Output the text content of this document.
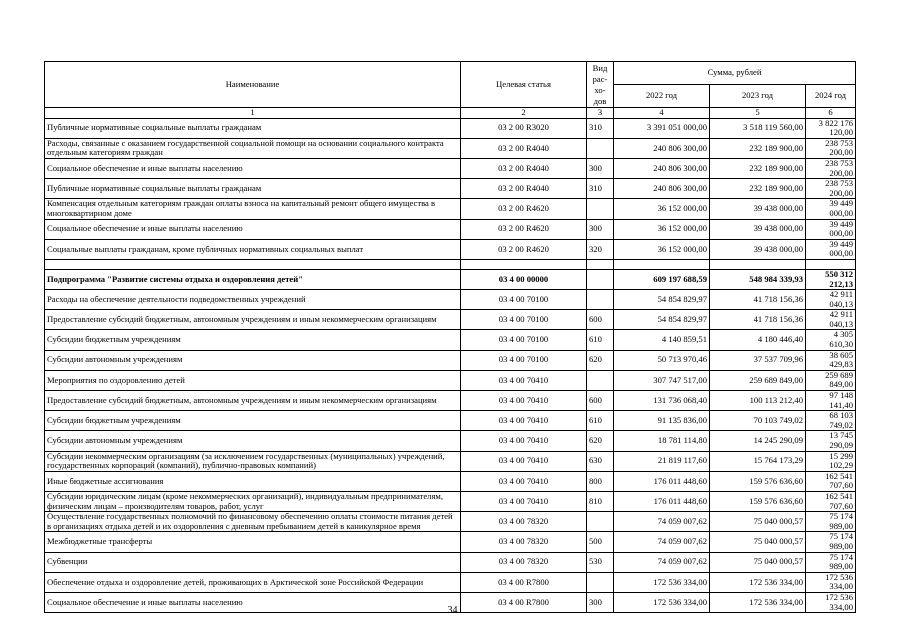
Наименование	Целевая статья	Вид
рас-
хо-
дов	Сумма, рублей		
			2022 год	2023 год	2024 год
1	2	3	4	5	6
Публичные нормативные социальные выплаты гражданам	03 2 00 R3020	310	3 391 051 000,00	3 518 119 560,00	3 822 176 120,00
Расходы, связанные с оказанием государственной социальной помощи на основании социального контракта отдельным категориям граждан	03 2 00 R4040		240 806 300,00	232 189 900,00	238 753 200,00
Социальное обеспечение и иные выплаты населению	03 2 00 R4040	300	240 806 300,00	232 189 900,00	238 753 200,00
Публичные нормативные социальные выплаты гражданам	03 2 00 R4040	310	240 806 300,00	232 189 900,00	238 753 200,00
Компенсация отдельным категориям граждан оплаты взноса на капитальный ремонт общего имущества в многоквартирном доме	03 2 00 R4620		36 152 000,00	39 438 000,00	39 449 000,00
Социальное обеспечение и иные выплаты населению	03 2 00 R4620	300	36 152 000,00	39 438 000,00	39 449 000,00
Социальные выплаты гражданам, кроме публичных нормативных социальных выплат	03 2 00 R4620	320	36 152 000,00	39 438 000,00	39 449 000,00

Подпрограмма "Развитие системы отдыха и оздоровления детей"	03 4 00 00000		609 197 688,59	548 984 339,93	550 312 212,13
Расходы на обеспечение деятельности подведомственных учреждений	03 4 00 70100		54 854 829,97	41 718 156,36	42 911 040,13
Предоставление субсидий бюджетным, автономным учреждениям и иным некоммерческим организациям	03 4 00 70100	600	54 854 829,97	41 718 156,36	42 911 040,13
Субсидии бюджетным учреждениям	03 4 00 70100	610	4 140 859,51	4 180 446,40	4 305 610,30
Субсидии автономным учреждениям	03 4 00 70100	620	50 713 970,46	37 537 709,96	38 605 429,83
Мероприятия по оздоровлению детей	03 4 00 70410		307 747 517,00	259 689 849,00	259 689 849,00
Предоставление субсидий бюджетным, автономным учреждениям и иным некоммерческим организациям	03 4 00 70410	600	131 736 068,40	100 113 212,40	97 148 141,40
Субсидии бюджетным учреждениям	03 4 00 70410	610	91 135 836,00	70 103 749,02	68 103 749,02
Субсидии автономным учреждениям	03 4 00 70410	620	18 781 114,80	14 245 290,09	13 745 290,09
Субсидии некоммерческим организациям (за исключением государственных (муниципальных) учреждений, государственных корпораций (компаний), публично-правовых компаний)	03 4 00 70410	630	21 819 117,60	15 764 173,29	15 299 102,29
Иные бюджетные ассигнования	03 4 00 70410	800	176 011 448,60	159 576 636,60	162 541 707,60
Субсидии юридическим лицам (кроме некоммерческих организаций), индивидуальным предпринимателям, физическим лицам – производителям товаров, работ, услуг	03 4 00 70410	810	176 011 448,60	159 576 636,60	162 541 707,60
Осуществление государственных полномочий по финансовому обеспечению оплаты стоимости питания детей в организациях отдыха детей и их оздоровления с дневным пребыванием детей в каникулярное время	03 4 00 78320		74 059 007,62	75 040 000,57	75 174 989,00
Межбюджетные трансферты	03 4 00 78320	500	74 059 007,62	75 040 000,57	75 174 989,00
Субвенции	03 4 00 78320	530	74 059 007,62	75 040 000,57	75 174 989,00
Обеспечение отдыха и оздоровление детей, проживающих в Арктической зоне Российской Федерации	03 4 00 R7800		172 536 334,00	172 536 334,00	172 536 334,00
Социальное обеспечение и иные выплаты населению	03 4 00 R7800	300	172 536 334,00	172 536 334,00	172 536 334,00
34
